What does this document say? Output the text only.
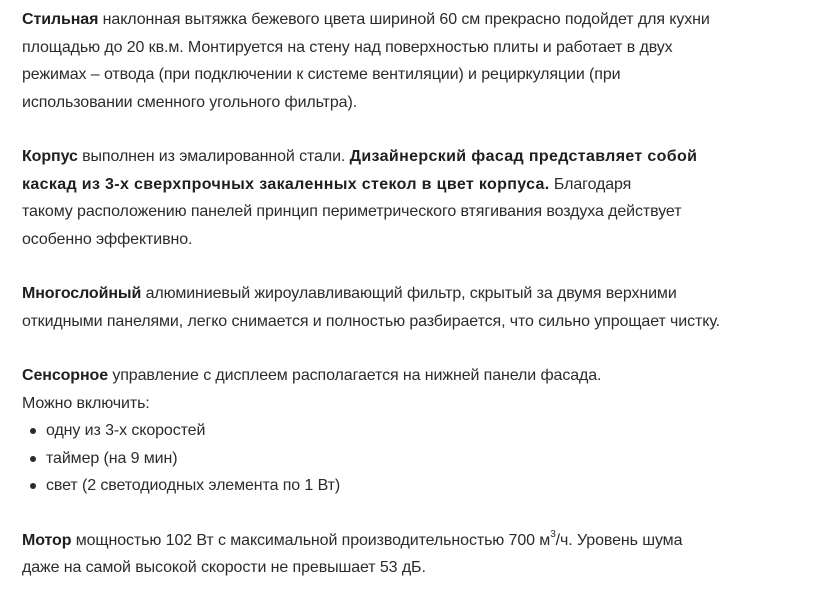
Стильная наклонная вытяжка бежевого цвета шириной 60 см прекрасно подойдет для кухни
площадью до 20 кв.м. Монтируется на стену над поверхностью плиты и работает в двух
режимах – отвода (при подключении к системе вентиляции) и рециркуляции (при
использовании сменного угольного фильтра).

Корпус выполнен из эмалированной стали. Дизайнерский фасад представляет собой
каскад из 3-х сверхпрочных закаленных стекол в цвет корпуса. Благодаря
такому расположению панелей принцип периметрического втягивания воздуха действует
особенно эффективно.

Многослойный алюминиевый жироулавливающий фильтр, скрытый за двумя верхними
откидными панелями, легко снимается и полностью разбирается, что сильно упрощает чистку.

Сенсорное управление с дисплеем располагается на нижней панели фасада.
Можно включить:

одну из 3-х скоростей
таймер (на 9 мин)
свет (2 светодиодных элемента по 1 Вт)

Мотор мощностью 102 Вт с максимальной производительностью 700 $м^3/ч$. Уровень шума
даже на самой высокой скорости не превышает 53 дБ.
